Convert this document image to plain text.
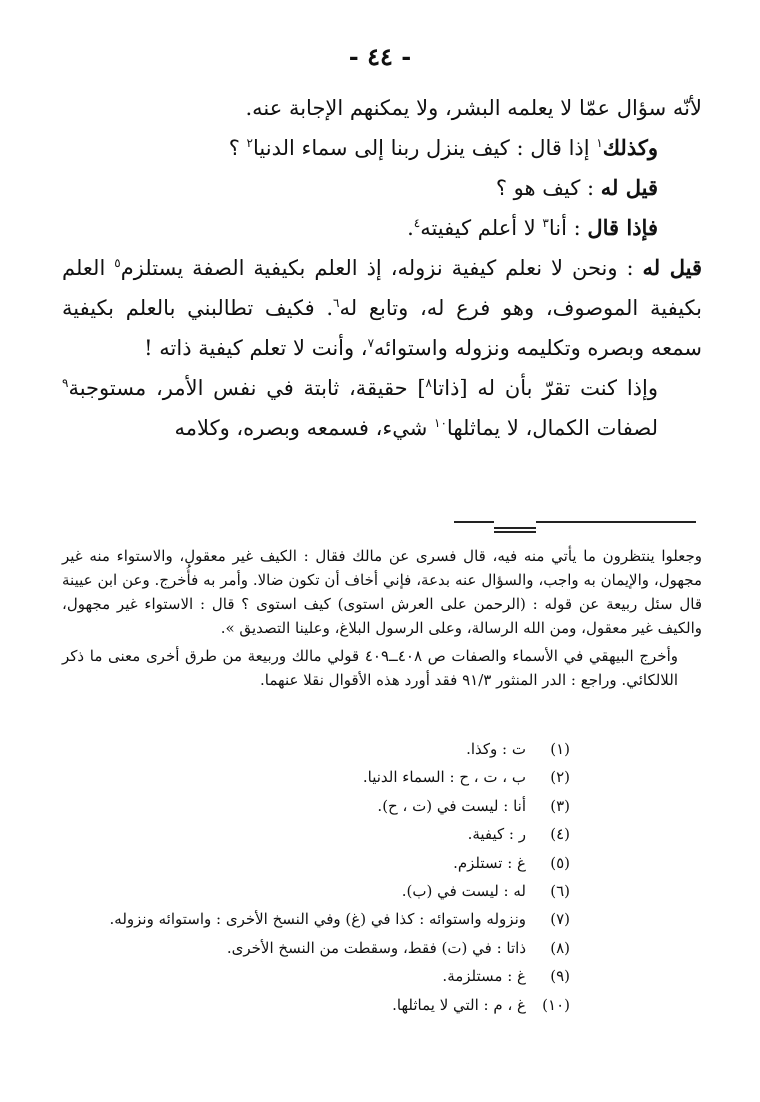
- ٤٤ -

لأنّه سؤال عمّا لا يعلمه البشر، ولا يمكنهم الإجابة عنه.

وكذلك$^١$ إذا قال : كيف ينزل ربنا إلى سماء الدنيا$^٢$ ؟

قيل له : كيف هو ؟

فإذا قال : أنا$^٣$ لا أعلم كيفيته$^٤$.

قيل له : ونحن لا نعلم كيفية نزوله، إذ العلم بكيفية الصفة يستلزم$^٥$ العلم بكيفية الموصوف، وهو فرع له، وتابع له$^٦$. فكيف تطالبني بالعلم بكيفية سمعه وبصره وتكليمه ونزوله واستوائه$^٧$، وأنت لا تعلم كيفية ذاته !

وإذا كنت تقرّ بأن له [ذاتا$^٨$] حقيقة، ثابتة في نفس الأمر، مستوجبة$^٩$ لصفات الكمال، لا يماثلها$^{١٠}$ شيء، فسمعه وبصره، وكلامه

وجعلوا ينتظرون ما يأتي منه فيه، قال فسرى عن مالك فقال : الكيف غير معقول، والاستواء منه غير مجهول، والإيمان به واجب، والسؤال عنه بدعة، فإني أخاف أن تكون ضالا. وأمر به فأُخرج. وعن ابن عيينة قال سئل ربيعة عن قوله : (الرحمن على العرش استوى) كيف استوى ؟ قال : الاستواء غير مجهول، والكيف غير معقول، ومن الله الرسالة، وعلى الرسول البلاغ، وعلينا التصديق ».

وأخرج البيهقي في الأسماء والصفات ص ٤٠٨ــ٤٠٩ قولي مالك وربيعة من طرق أخرى معنى ما ذكر اللالكائي. وراجع : الدر المنثور ٩١/٣ فقد أورد هذه الأقوال نقلا عنهما.

(١)
ت : وكذا.
(٢)
ب ، ت ، ح : السماء الدنيا.
(٣)
أنا : ليست في (ت ، ح).
(٤)
ر : كيفية.
(٥)
غ : تستلزم.
(٦)
له : ليست في (ب).
(٧)
ونزوله واستوائه : كذا في (غ) وفي النسخ الأخرى : واستوائه ونزوله.
(٨)
ذاتا : في (ت) فقط، وسقطت من النسخ الأخرى.
(٩)
غ : مستلزمة.
(١٠)
غ ، م : التي لا يماثلها.
